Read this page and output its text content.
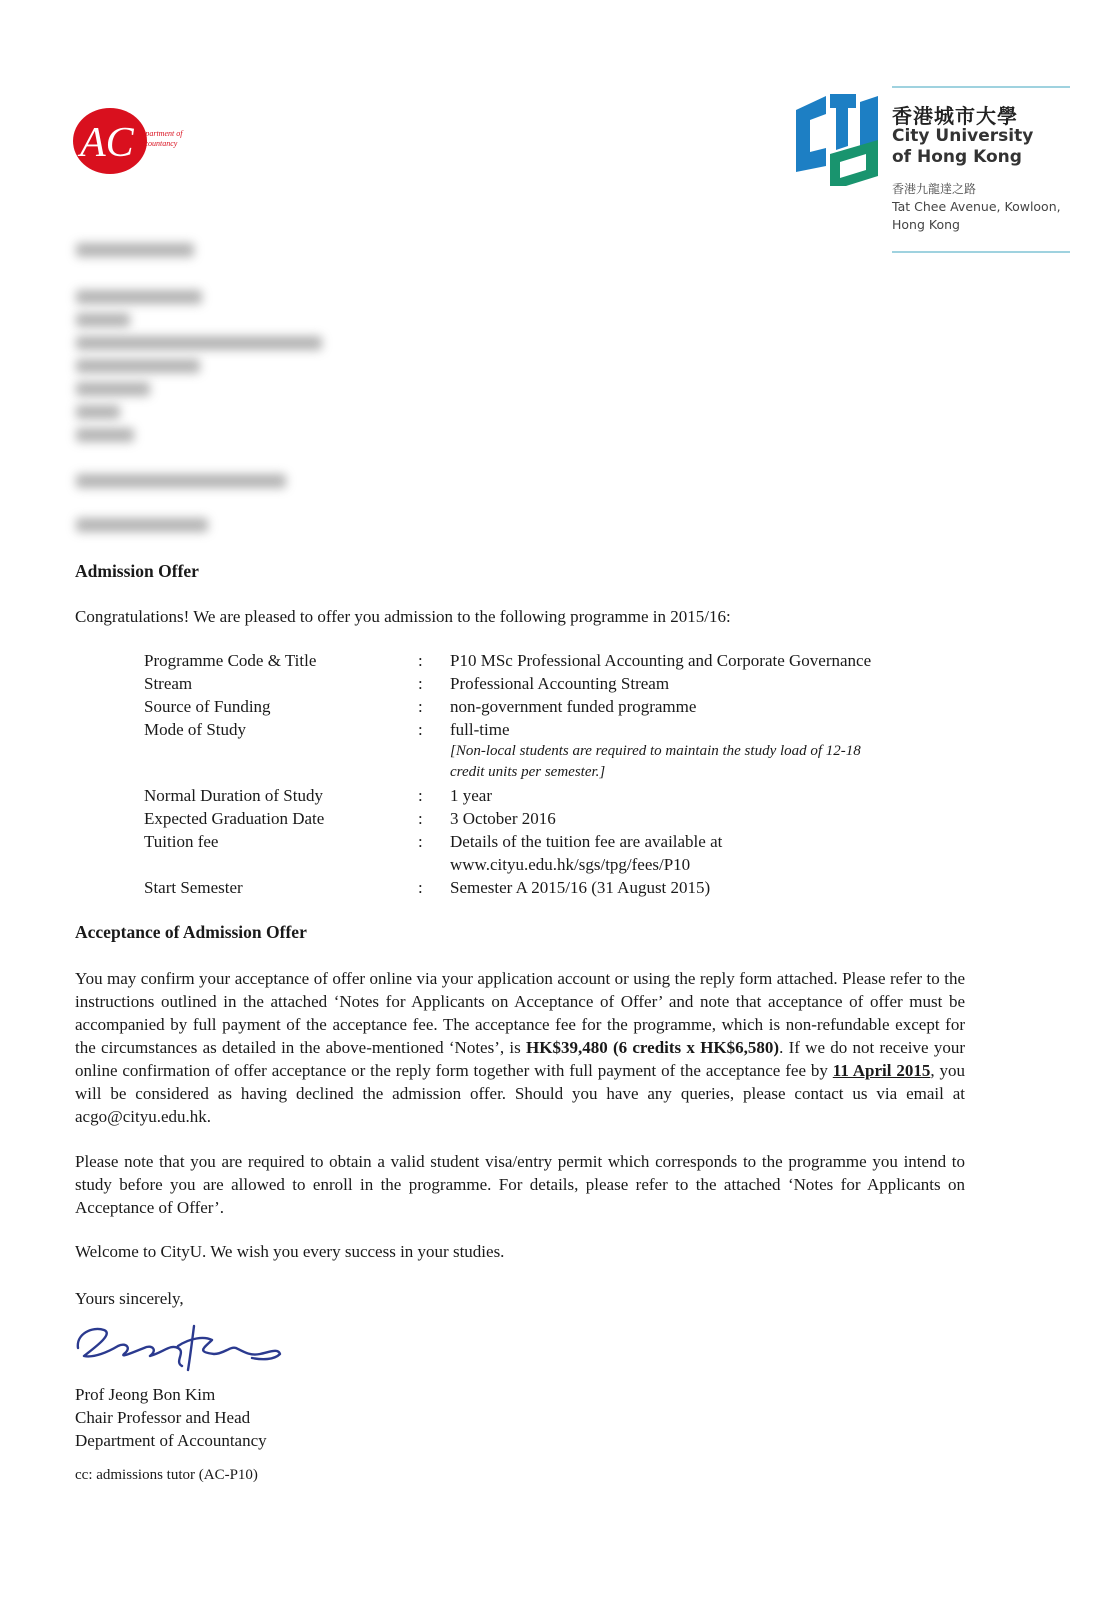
AC Department of
Accountancy
香港城市大學
City University
of Hong Kong
香港九龍達之路
Tat Chee Avenue, Kowloon,
Hong Kong
Admission Offer
Congratulations! We are pleased to offer you admission to the following programme in 2015/16:
Programme Code & Title	: P10 MSc Professional Accounting and Corporate Governance
Stream	: Professional Accounting Stream
Source of Funding	: non-government funded programme
Mode of Study	: full-time
[Non-local students are required to maintain the study load of 12-18
credit units per semester.]
Normal Duration of Study	: 1 year
Expected Graduation Date	: 3 October 2016
Tuition fee	: Details of the tuition fee are available at
www.cityu.edu.hk/sgs/tpg/fees/P10
Start Semester	: Semester A 2015/16 (31 August 2015)
Acceptance of Admission Offer
You may confirm your acceptance of offer online via your application account or using the reply form attached. Please refer to the instructions outlined in the attached ‘Notes for Applicants on Acceptance of Offer’ and note that acceptance of offer must be accompanied by full payment of the acceptance fee. The acceptance fee for the programme, which is non-refundable except for the circumstances as detailed in the above-mentioned ‘Notes’, is HK$39,480 (6 credits x HK$6,580). If we do not receive your online confirmation of offer acceptance or the reply form together with full payment of the acceptance fee by 11 April 2015, you will be considered as having declined the admission offer. Should you have any queries, please contact us via email at acgo@cityu.edu.hk.
Please note that you are required to obtain a valid student visa/entry permit which corresponds to the programme you intend to study before you are allowed to enroll in the programme. For details, please refer to the attached ‘Notes for Applicants on Acceptance of Offer’.
Welcome to CityU. We wish you every success in your studies.
Yours sincerely,
Prof Jeong Bon Kim
Chair Professor and Head
Department of Accountancy
cc: admissions tutor (AC-P10)
